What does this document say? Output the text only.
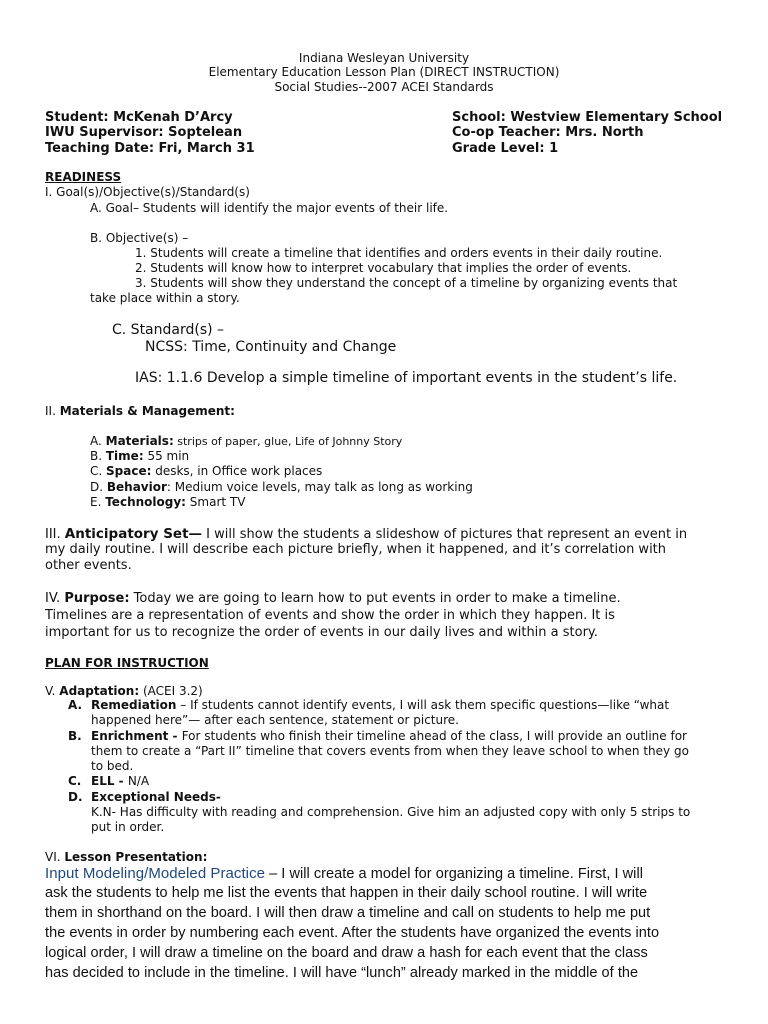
Indiana Wesleyan University
Elementary Education Lesson Plan (DIRECT INSTRUCTION)
Social Studies--2007 ACEI Standards
Student: McKenah D’Arcy
IWU Supervisor: Soptelean
Teaching Date: Fri, March 31
School: Westview Elementary School
Co-op Teacher: Mrs. North
Grade Level: 1
READINESS
I. Goal(s)/Objective(s)/Standard(s)
A. Goal– Students will identify the major events of their life.
B. Objective(s) –
1. Students will create a timeline that identifies and orders events in their daily routine.
2. Students will know how to interpret vocabulary that implies the order of events.
3. Students will show they understand the concept of a timeline by organizing events that
take place within a story.
C. Standard(s) –
NCSS: Time, Continuity and Change
IAS: 1.1.6 Develop a simple timeline of important events in the student’s life.
II. Materials & Management:
A. Materials: strips of paper, glue, Life of Johnny Story
B. Time: 55 min
C. Space: desks, in Office work places
D. Behavior: Medium voice levels, may talk as long as working
E. Technology: Smart TV
III. Anticipatory Set— I will show the students a slideshow of pictures that represent an event in
my daily routine. I will describe each picture briefly, when it happened, and it’s correlation with
other events.
IV. Purpose: Today we are going to learn how to put events in order to make a timeline.
Timelines are a representation of events and show the order in which they happen. It is
important for us to recognize the order of events in our daily lives and within a story.
PLAN FOR INSTRUCTION
V. Adaptation: (ACEI 3.2)
A. Remediation – If students cannot identify events, I will ask them specific questions—like “what
happened here”— after each sentence, statement or picture.
B. Enrichment - For students who finish their timeline ahead of the class, I will provide an outline for
them to create a “Part II” timeline that covers events from when they leave school to when they go
to bed.
C. ELL - N/A
D. Exceptional Needs-
K.N- Has difficulty with reading and comprehension. Give him an adjusted copy with only 5 strips to
put in order.
VI. Lesson Presentation:
Input Modeling/Modeled Practice – I will create a model for organizing a timeline. First, I will
ask the students to help me list the events that happen in their daily school routine. I will write
them in shorthand on the board. I will then draw a timeline and call on students to help me put
the events in order by numbering each event. After the students have organized the events into
logical order, I will draw a timeline on the board and draw a hash for each event that the class
has decided to include in the timeline. I will have “lunch” already marked in the middle of the
